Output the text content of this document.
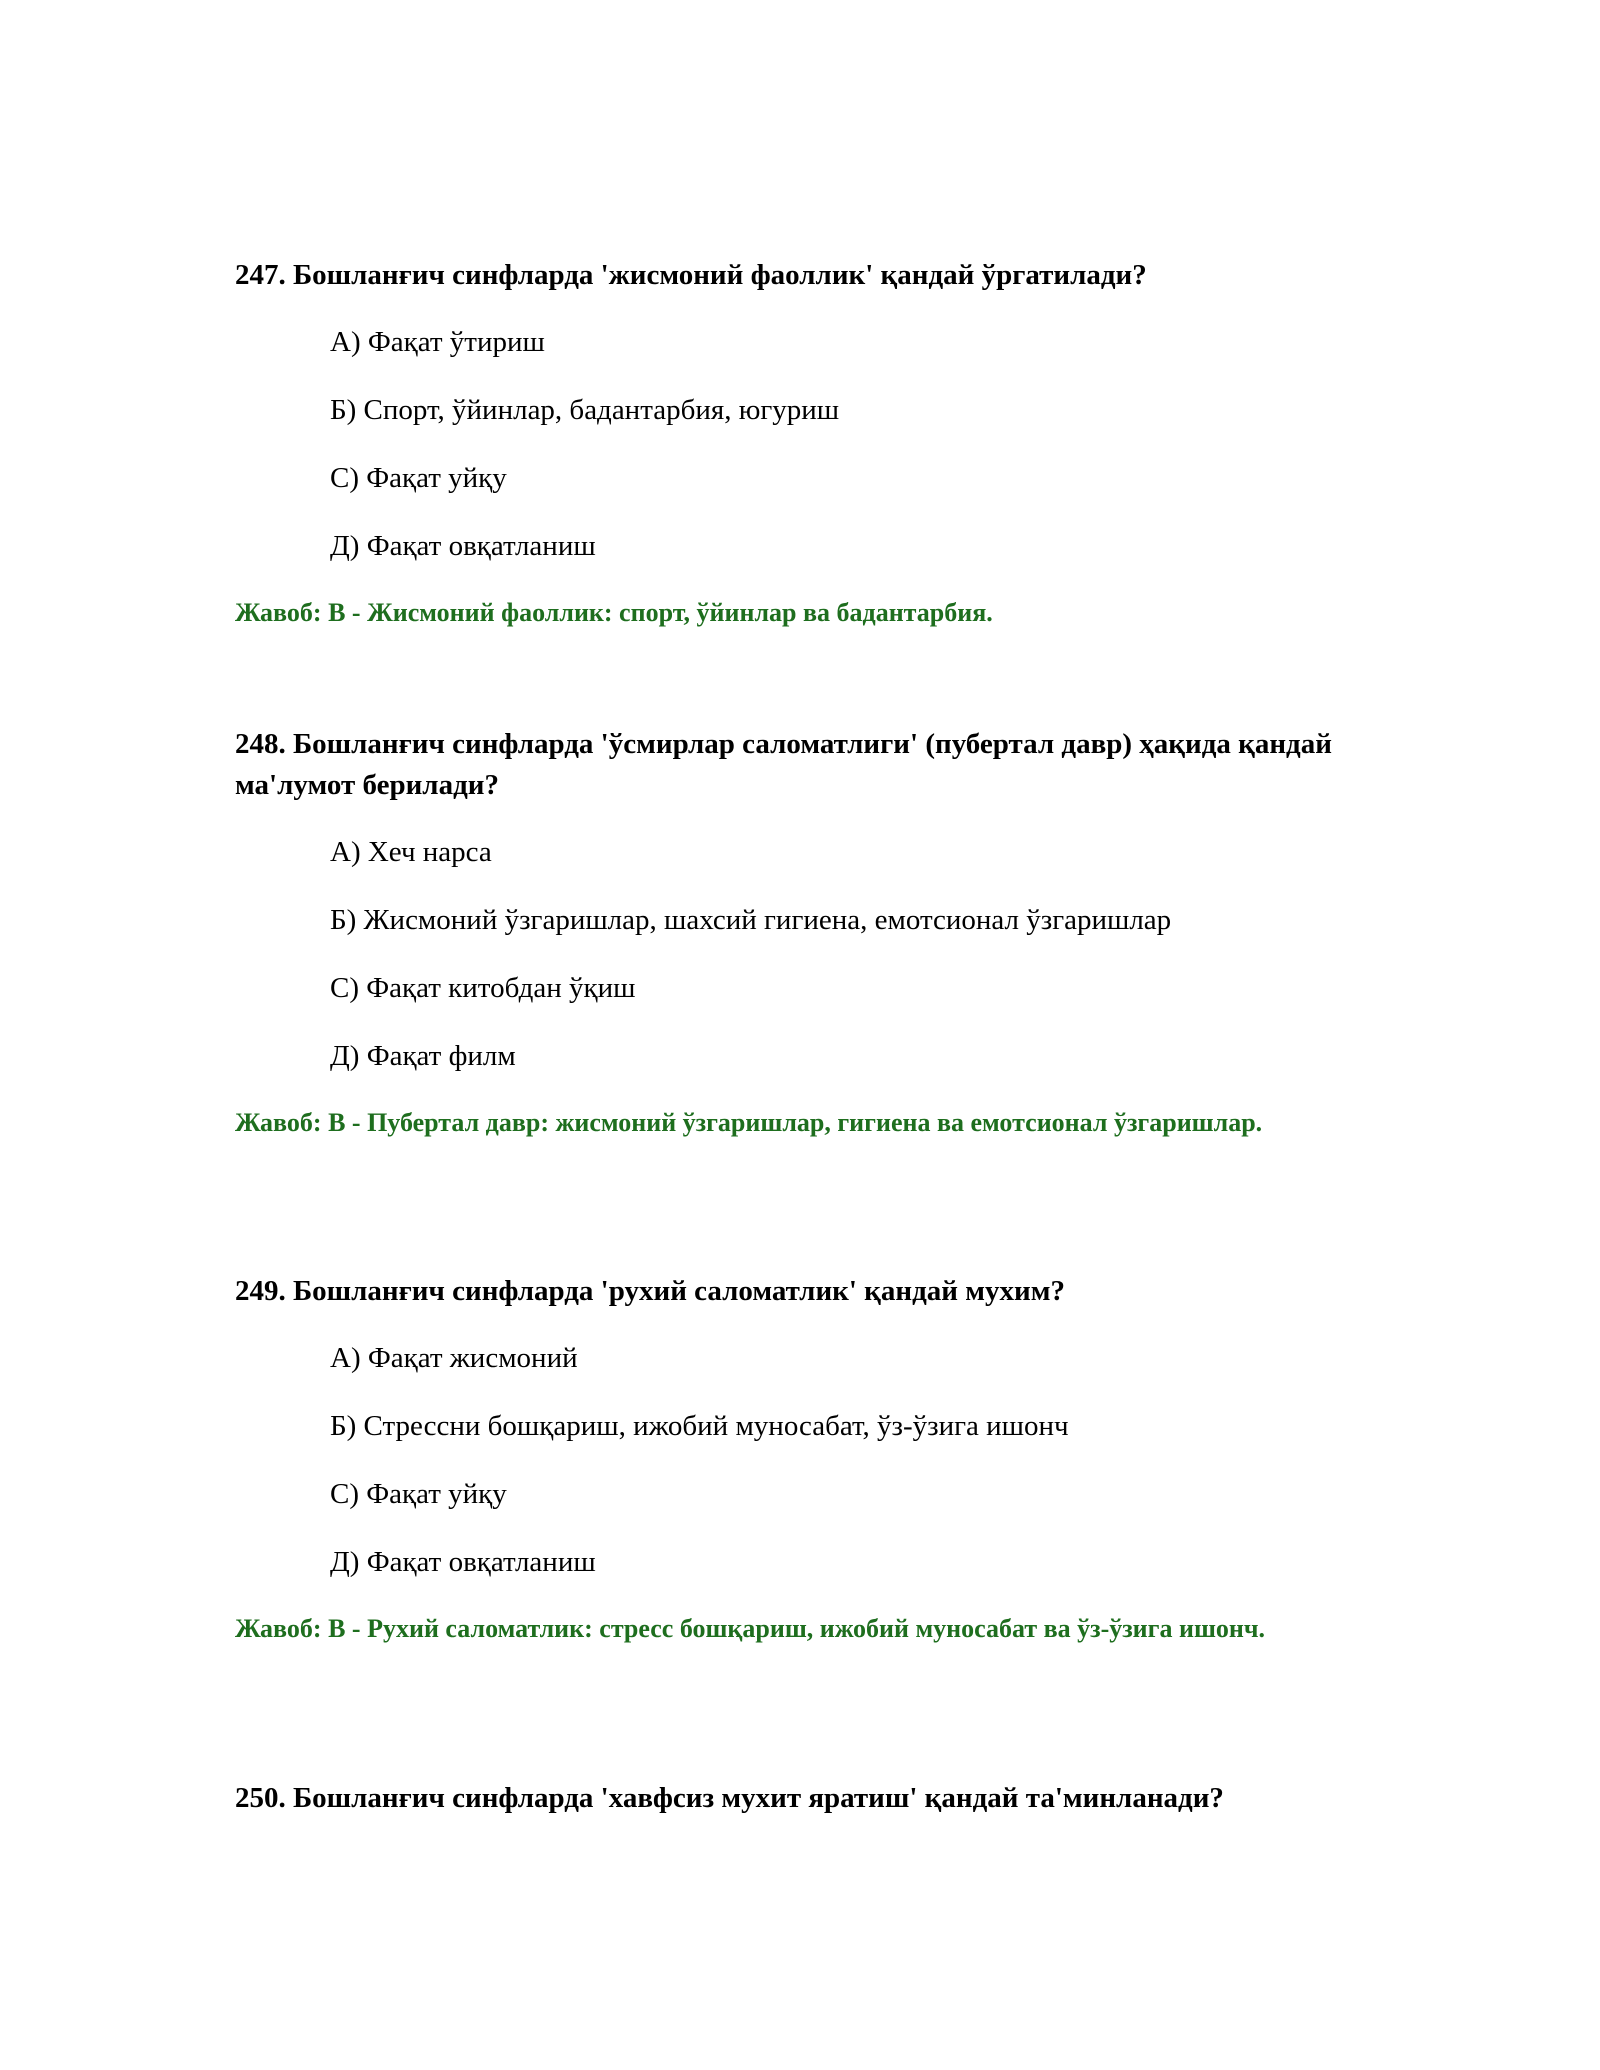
247. Бошланғич синфларда 'жисмоний фаоллик' қандай ўргатилади?

А) Фақат ўтириш

Б) Спорт, ўйинлар, бадантарбия, югуриш

С) Фақат уйқу

Д) Фақат овқатланиш

Жавоб: B - Жисмоний фаоллик: спорт, ўйинлар ва бадантарбия.

248. Бошланғич синфларда 'ўсмирлар саломатлиги' (пубертал давр) ҳақида қандай ма'лумот берилади?

А) Хеч нарса

Б) Жисмоний ўзгаришлар, шахсий гигиена, емотсионал ўзгаришлар

С) Фақат китобдан ўқиш

Д) Фақат филм

Жавоб: B - Пубертал давр: жисмоний ўзгаришлар, гигиена ва емотсионал ўзгаришлар.

249. Бошланғич синфларда 'рухий саломатлик' қандай мухим?

А) Фақат жисмоний

Б) Стрессни бошқариш, ижобий муносабат, ўз-ўзига ишонч

С) Фақат уйқу

Д) Фақат овқатланиш

Жавоб: B - Рухий саломатлик: стресс бошқариш, ижобий муносабат ва ўз-ўзига ишонч.

250. Бошланғич синфларда 'хавфсиз мухит яратиш' қандай та'минланади?
